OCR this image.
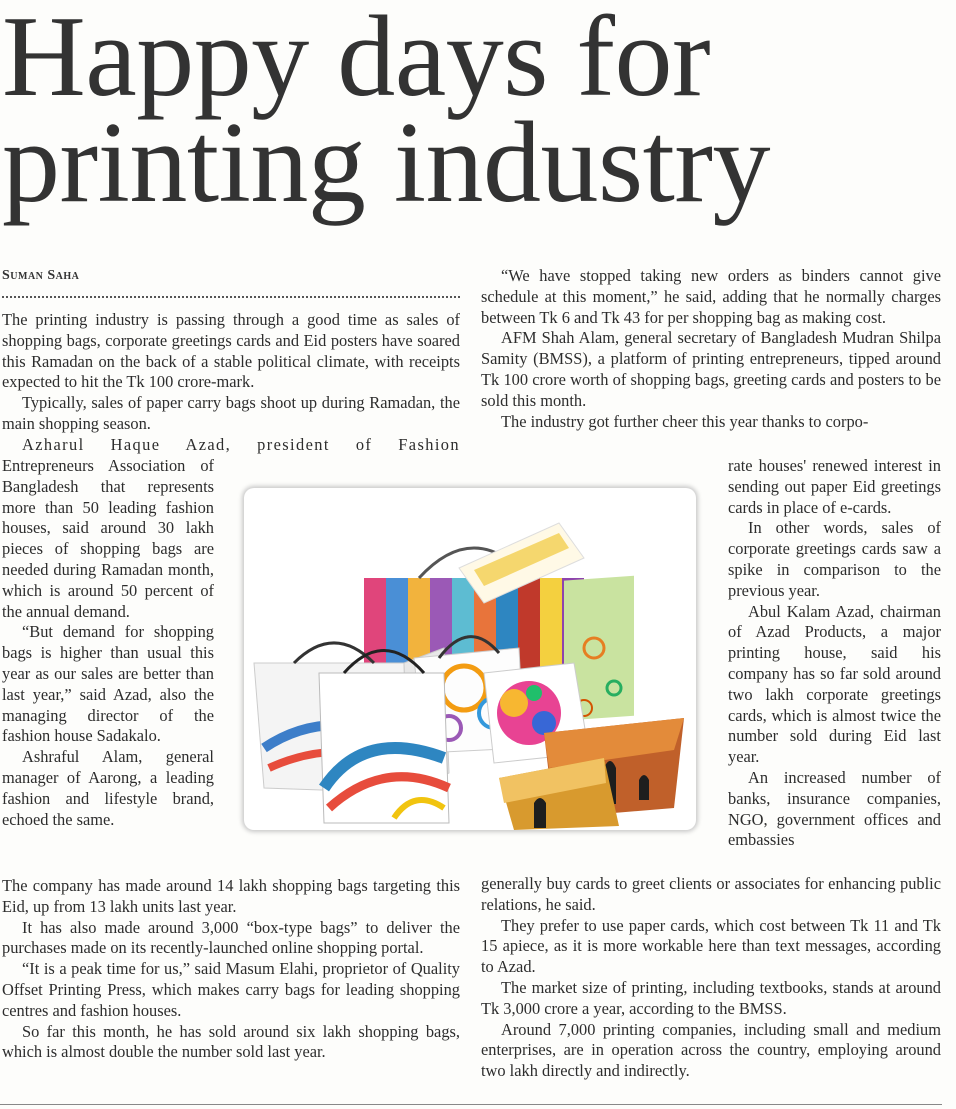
Happy days for printing industry
Suman Saha

The printing industry is passing through a good time as sales of shopping bags, corporate greetings cards and Eid posters have soared this Ramadan on the back of a stable political climate, with receipts expected to hit the Tk 100 crore-mark.

Typically, sales of paper carry bags shoot up during Ramadan, the main shopping season.

Azharul Haque Azad, president of Fashion

Entrepreneurs Association of Bangladesh that represents more than 50 leading fashion houses, said around 30 lakh pieces of shopping bags are needed during Ramadan month, which is around 50 percent of the annual demand.

“But demand for shopping bags is higher than usual this year as our sales are better than last year,” said Azad, also the managing director of the fashion house Sadakalo.

Ashraful Alam, general manager of Aarong, a leading fashion and lifestyle brand, echoed the same.

The company has made around 14 lakh shopping bags targeting this Eid, up from 13 lakh units last year.

It has also made around 3,000 “box-type bags” to deliver the purchases made on its recently-launched online shopping portal.

“It is a peak time for us,” said Masum Elahi, proprietor of Quality Offset Printing Press, which makes carry bags for leading shopping centres and fashion houses.

So far this month, he has sold around six lakh shopping bags, which is almost double the number sold last year.

“We have stopped taking new orders as binders cannot give schedule at this moment,” he said, adding that he normally charges between Tk 6 and Tk 43 for per shopping bag as making cost.

AFM Shah Alam, general secretary of Bangladesh Mudran Shilpa Samity (BMSS), a platform of printing entrepreneurs, tipped around Tk 100 crore worth of shopping bags, greeting cards and posters to be sold this month.

The industry got further cheer this year thanks to corpo-

rate houses' renewed interest in sending out paper Eid greetings cards in place of e-cards.

In other words, sales of corporate greetings cards saw a spike in comparison to the previous year.

Abul Kalam Azad, chairman of Azad Products, a major printing house, said his company has so far sold around two lakh corporate greetings cards, which is almost twice the number sold during Eid last year.

An increased number of banks, insurance companies, NGO, government offices and embassies

generally buy cards to greet clients or associates for enhancing public relations, he said.

They prefer to use paper cards, which cost between Tk 11 and Tk 15 apiece, as it is more workable here than text messages, according to Azad.

The market size of printing, including textbooks, stands at around Tk 3,000 crore a year, according to the BMSS.

Around 7,000 printing companies, including small and medium enterprises, are in operation across the country, employing around two lakh directly and indirectly.
